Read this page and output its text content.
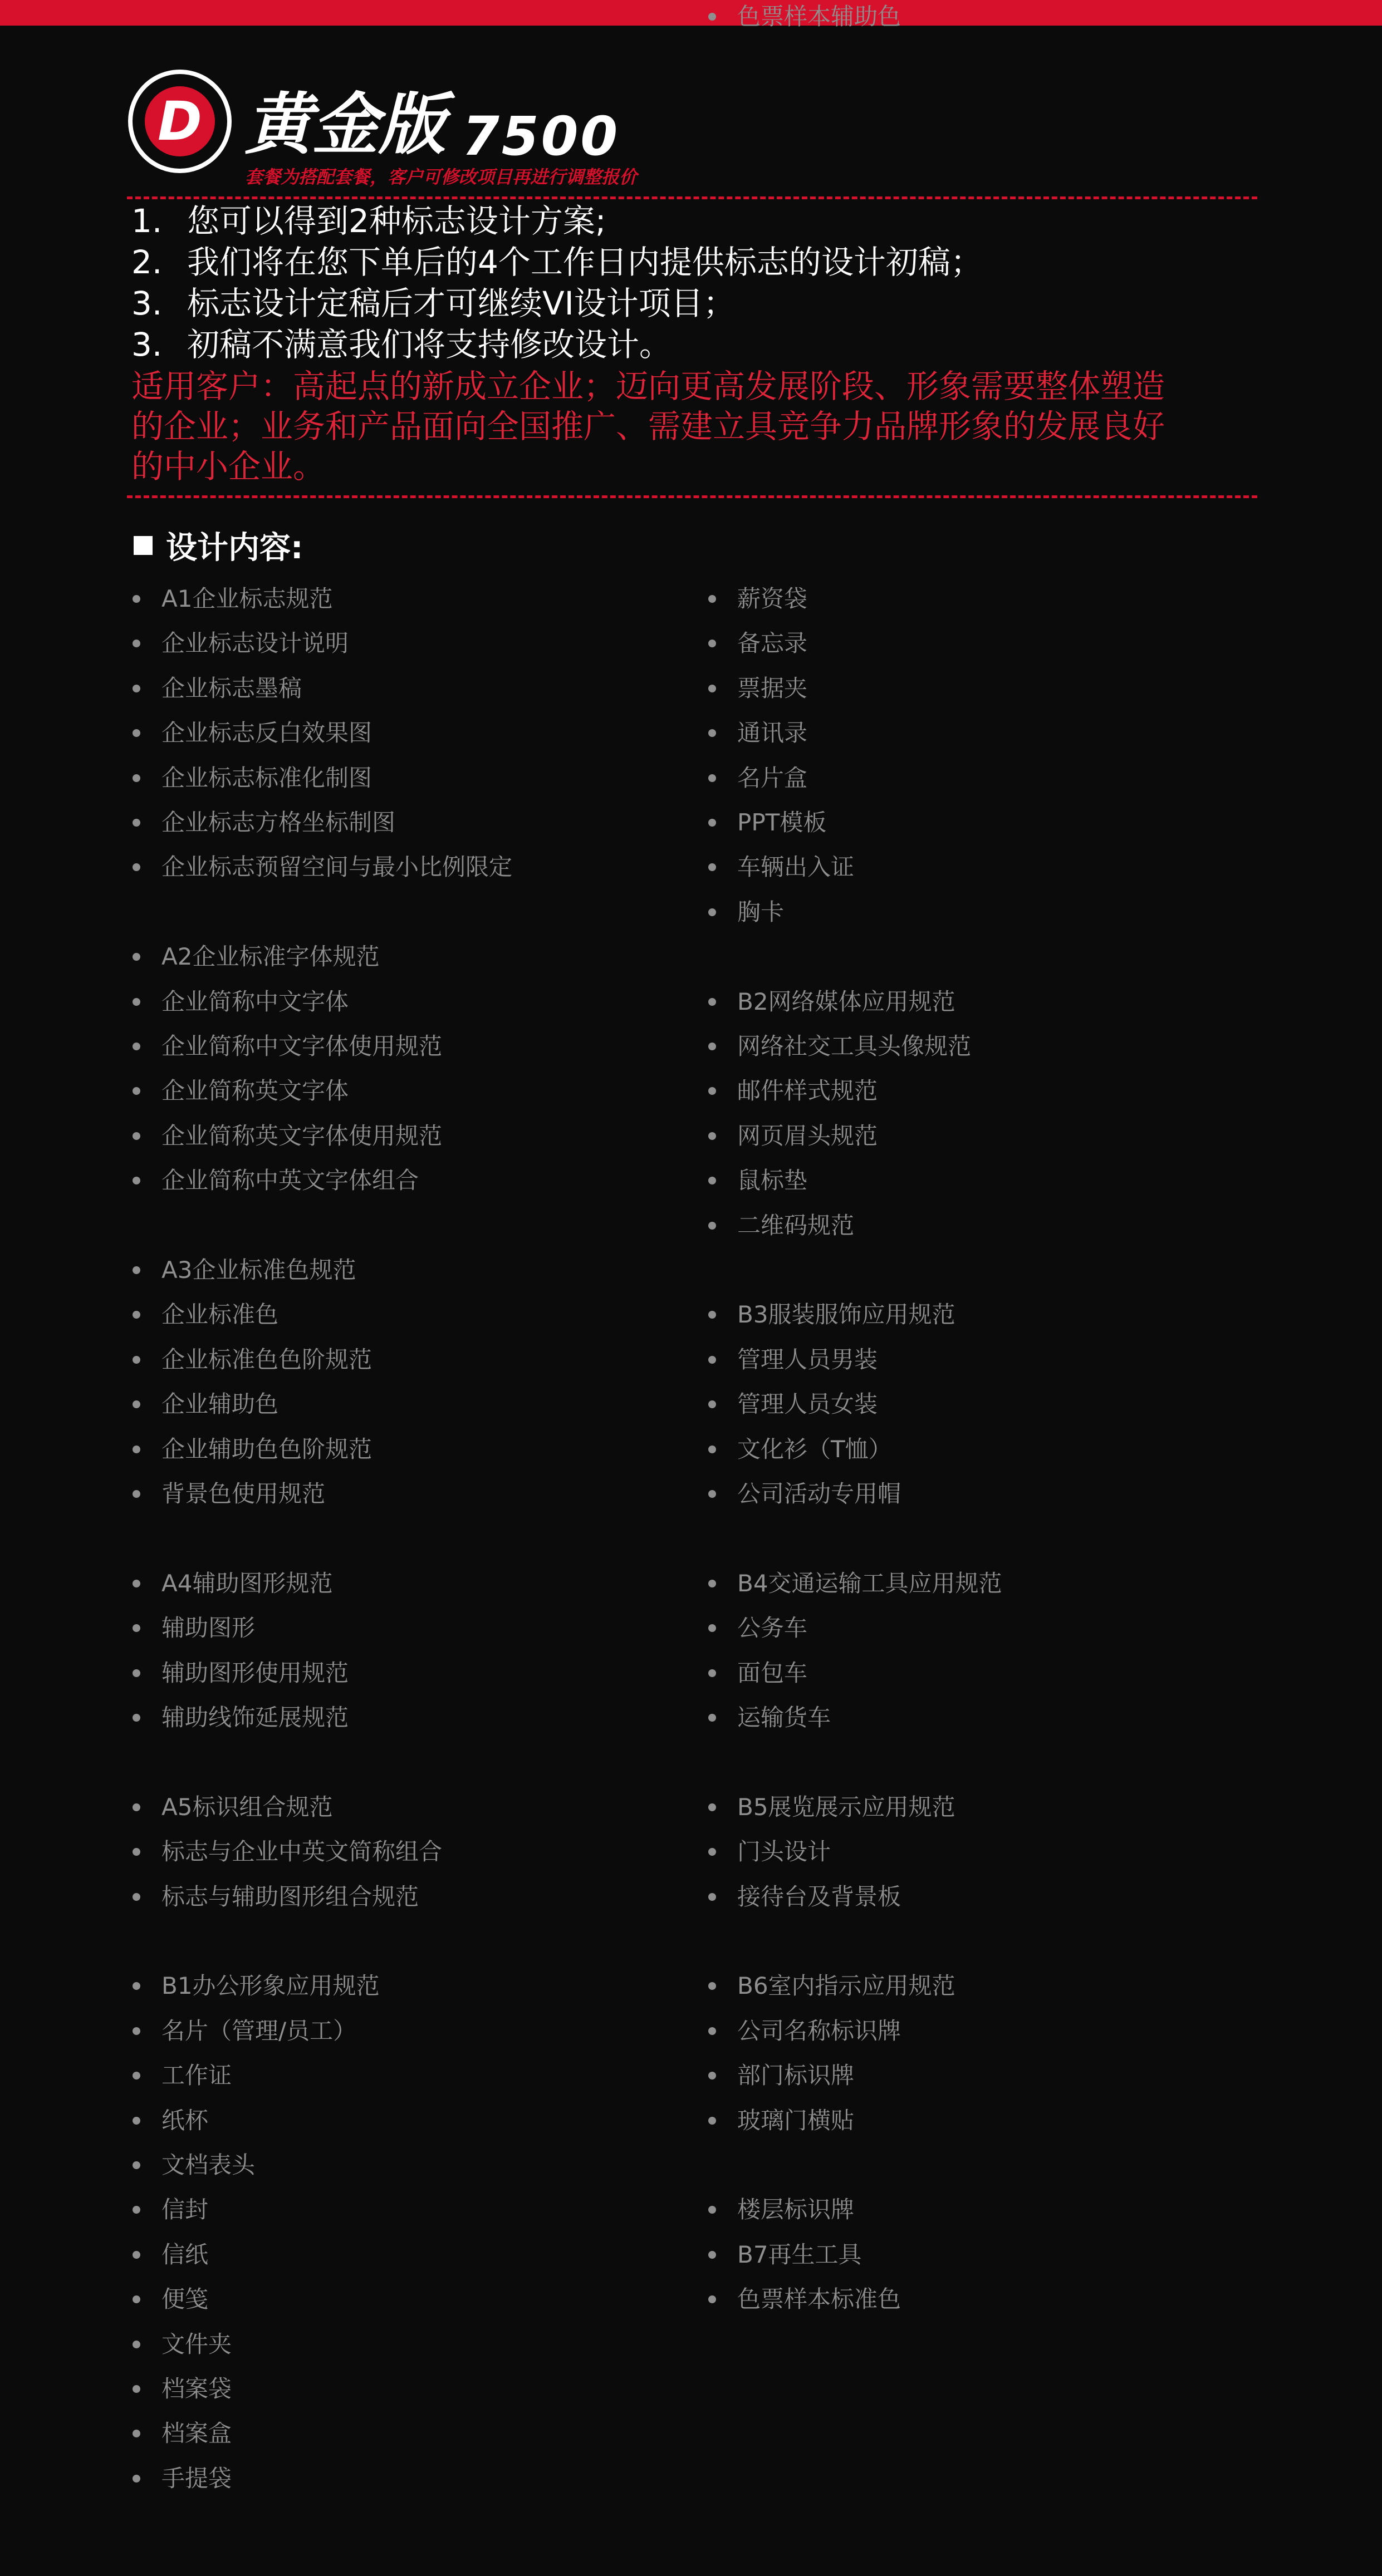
D 黄金版 7500
套餐为搭配套餐，客户可修改项目再进行调整报价
1. 您可以得到2种标志设计方案;
2. 我们将在您下单后的4个工作日内提供标志的设计初稿；
3. 标志设计定稿后才可继续VI设计项目；
3. 初稿不满意我们将支持修改设计。
适用客户：高起点的新成立企业；迈向更高发展阶段、形象需要整体塑造
的企业；业务和产品面向全国推广、需建立具竞争力品牌形象的发展良好
的中小企业。
设计内容:
A1企业标志规范
企业标志设计说明
企业标志墨稿
企业标志反白效果图
企业标志标准化制图
企业标志方格坐标制图
企业标志预留空间与最小比例限定
A2企业标准字体规范
企业简称中文字体
企业简称中文字体使用规范
企业简称英文字体
企业简称英文字体使用规范
企业简称中英文字体组合
A3企业标准色规范
企业标准色
企业标准色色阶规范
企业辅助色
企业辅助色色阶规范
背景色使用规范
A4辅助图形规范
辅助图形
辅助图形使用规范
辅助线饰延展规范
A5标识组合规范
标志与企业中英文简称组合
标志与辅助图形组合规范
B1办公形象应用规范
名片（管理/员工）
工作证
纸杯
文档表头
信封
信纸
便笺
文件夹
档案袋
档案盒
手提袋
薪资袋
备忘录
票据夹
通讯录
名片盒
PPT模板
车辆出入证
胸卡
B2网络媒体应用规范
网络社交工具头像规范
邮件样式规范
网页眉头规范
鼠标垫
二维码规范
B3服装服饰应用规范
管理人员男装
管理人员女装
文化衫（T恤）
公司活动专用帽
B4交通运输工具应用规范
公务车
面包车
运输货车
B5展览展示应用规范
门头设计
接待台及背景板
B6室内指示应用规范
公司名称标识牌
部门标识牌
玻璃门横贴
楼层标识牌
B7再生工具
色票样本标准色
色票样本辅助色
